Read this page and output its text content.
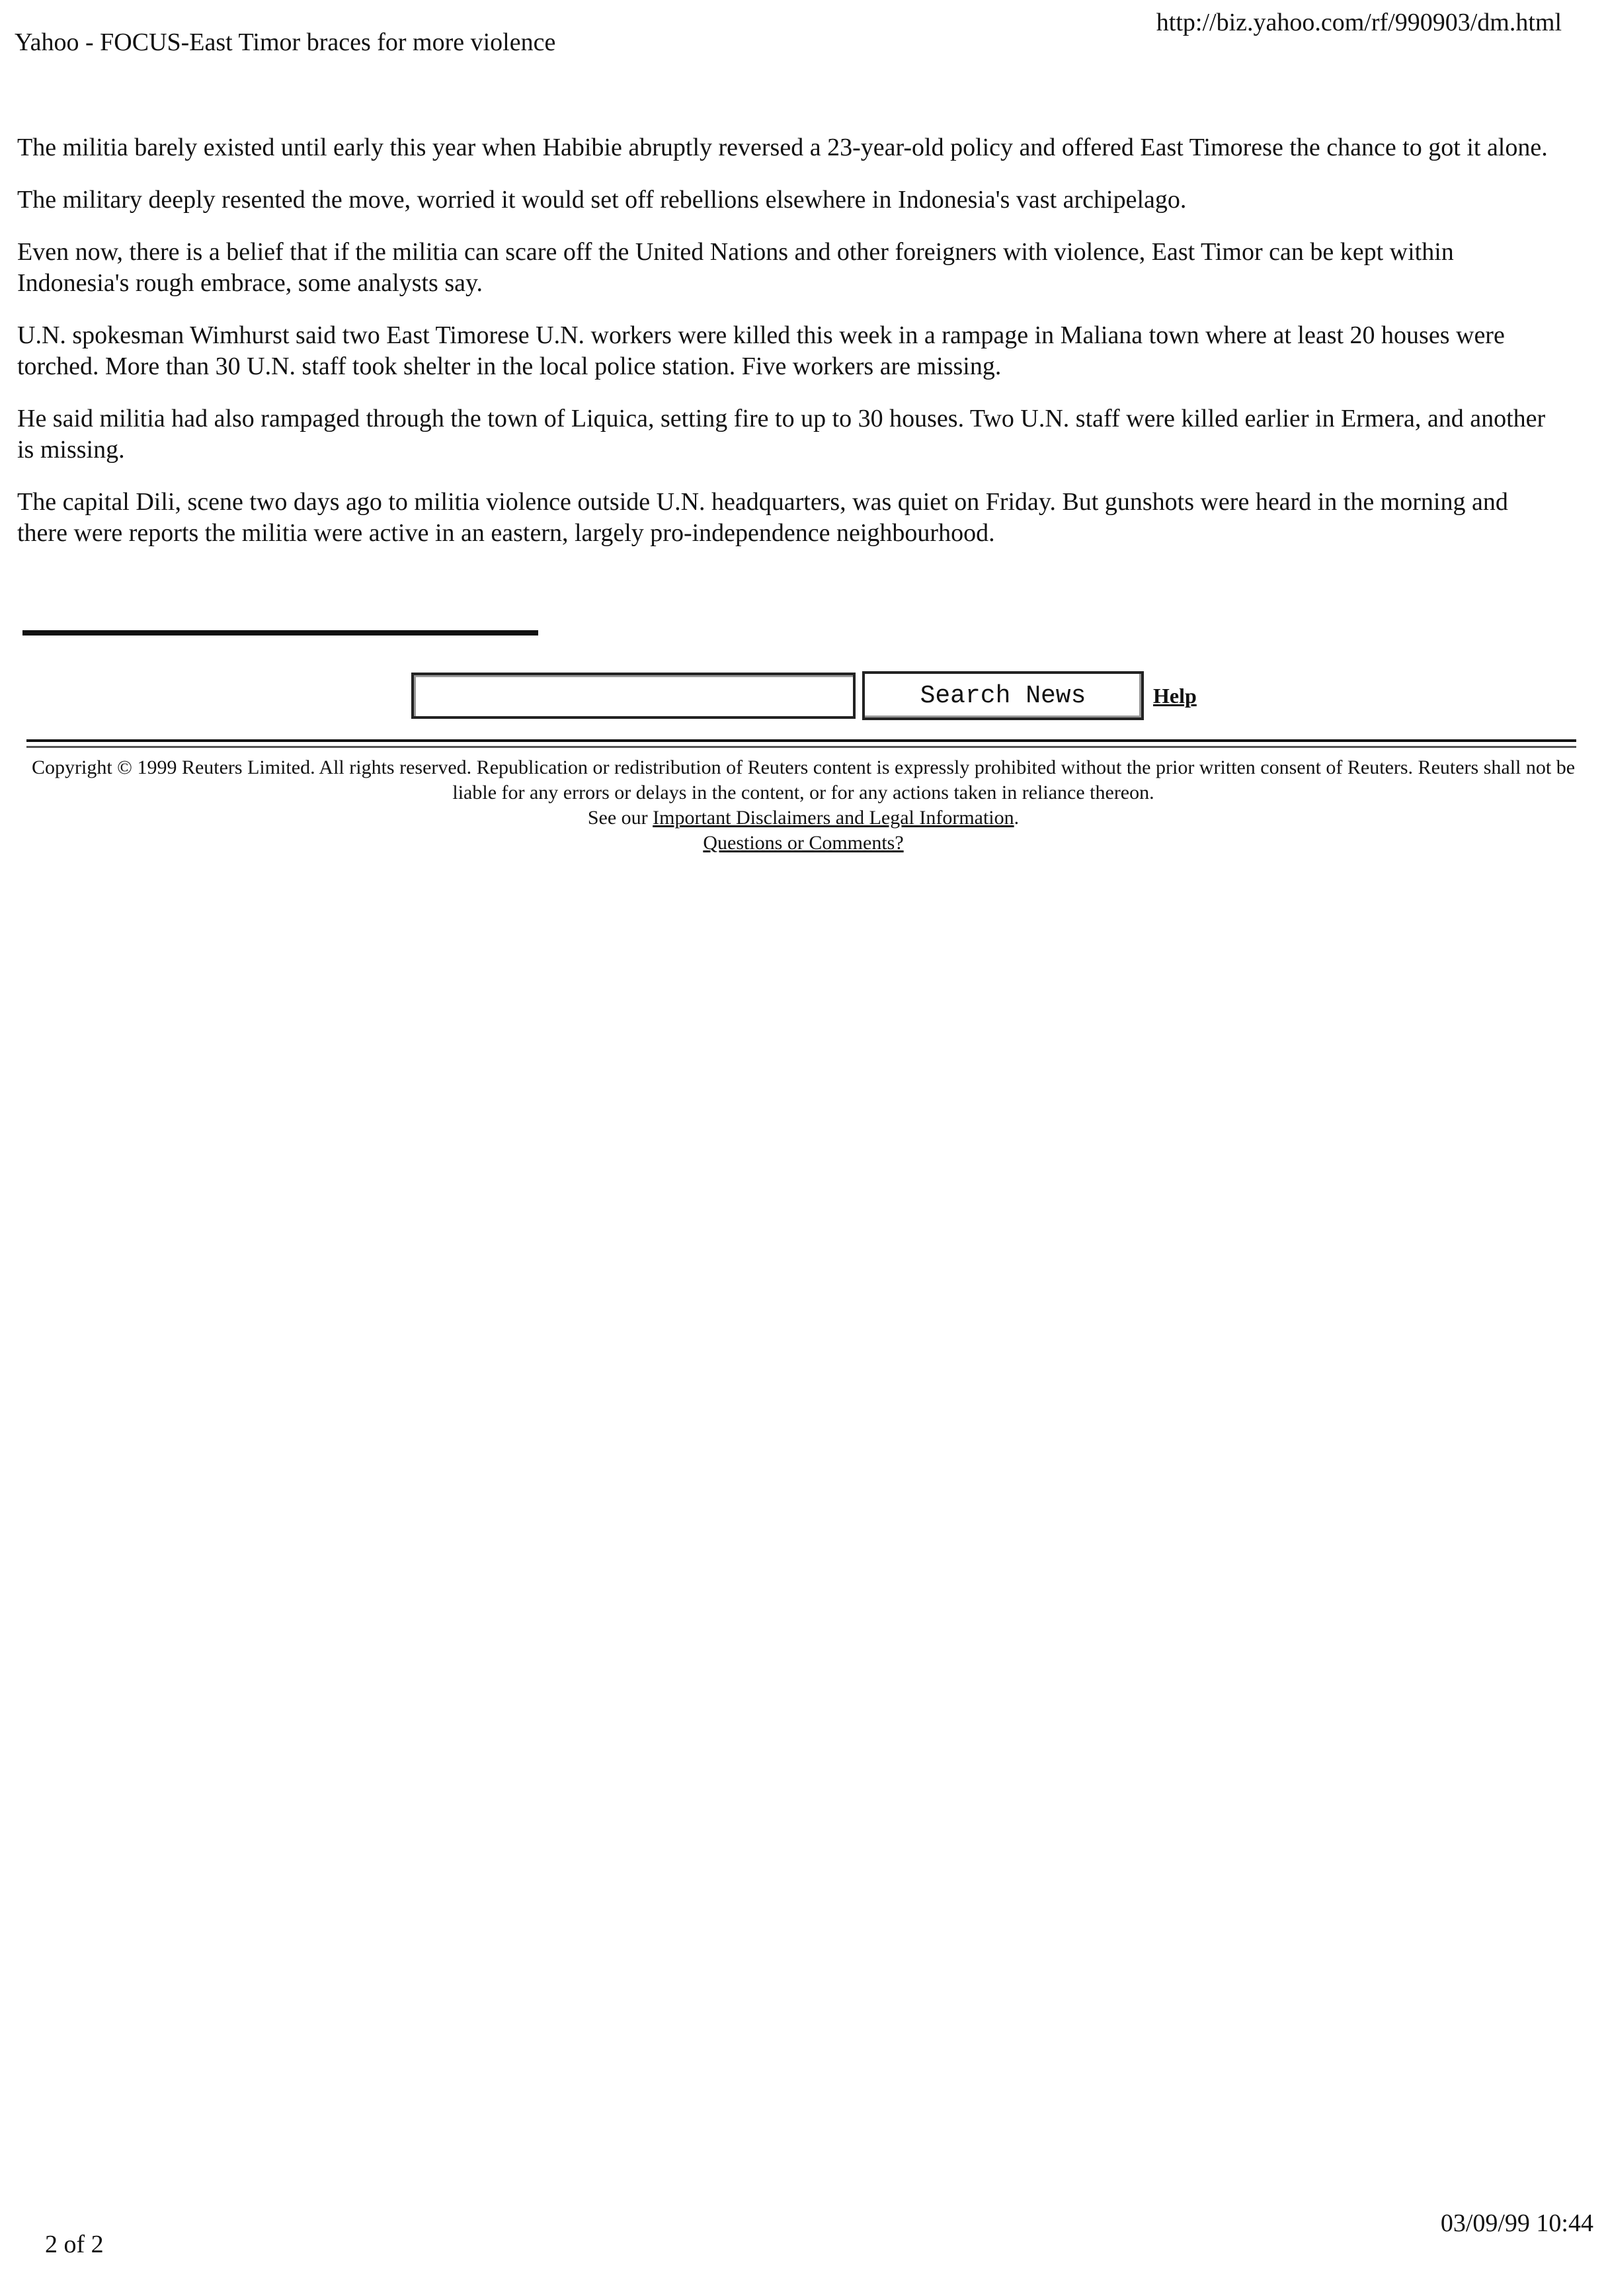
Yahoo - FOCUS-East Timor braces for more violence
http://biz.yahoo.com/rf/990903/dm.html

The militia barely existed until early this year when Habibie abruptly reversed a 23-year-old policy and offered East Timorese the chance to got it alone.

The military deeply resented the move, worried it would set off rebellions elsewhere in Indonesia's vast archipelago.

Even now, there is a belief that if the militia can scare off the United Nations and other foreigners with violence, East Timor can be kept within Indonesia's rough embrace, some analysts say.

U.N. spokesman Wimhurst said two East Timorese U.N. workers were killed this week in a rampage in Maliana town where at least 20 houses were torched. More than 30 U.N. staff took shelter in the local police station. Five workers are missing.

He said militia had also rampaged through the town of Liquica, setting fire to up to 30 houses. Two U.N. staff were killed earlier in Ermera, and another is missing.

The capital Dili, scene two days ago to militia violence outside U.N. headquarters, was quiet on Friday. But gunshots were heard in the morning and there were reports the militia were active in an eastern, largely pro-independence neighbourhood.

Search News	Help
Copyright © 1999 Reuters Limited. All rights reserved. Republication or redistribution of Reuters content is expressly prohibited without the prior written consent of Reuters. Reuters shall not be liable for any errors or delays in the content, or for any actions taken in reliance thereon.
See our Important Disclaimers and Legal Information.
Questions or Comments?
2 of 2
03/09/99 10:44
